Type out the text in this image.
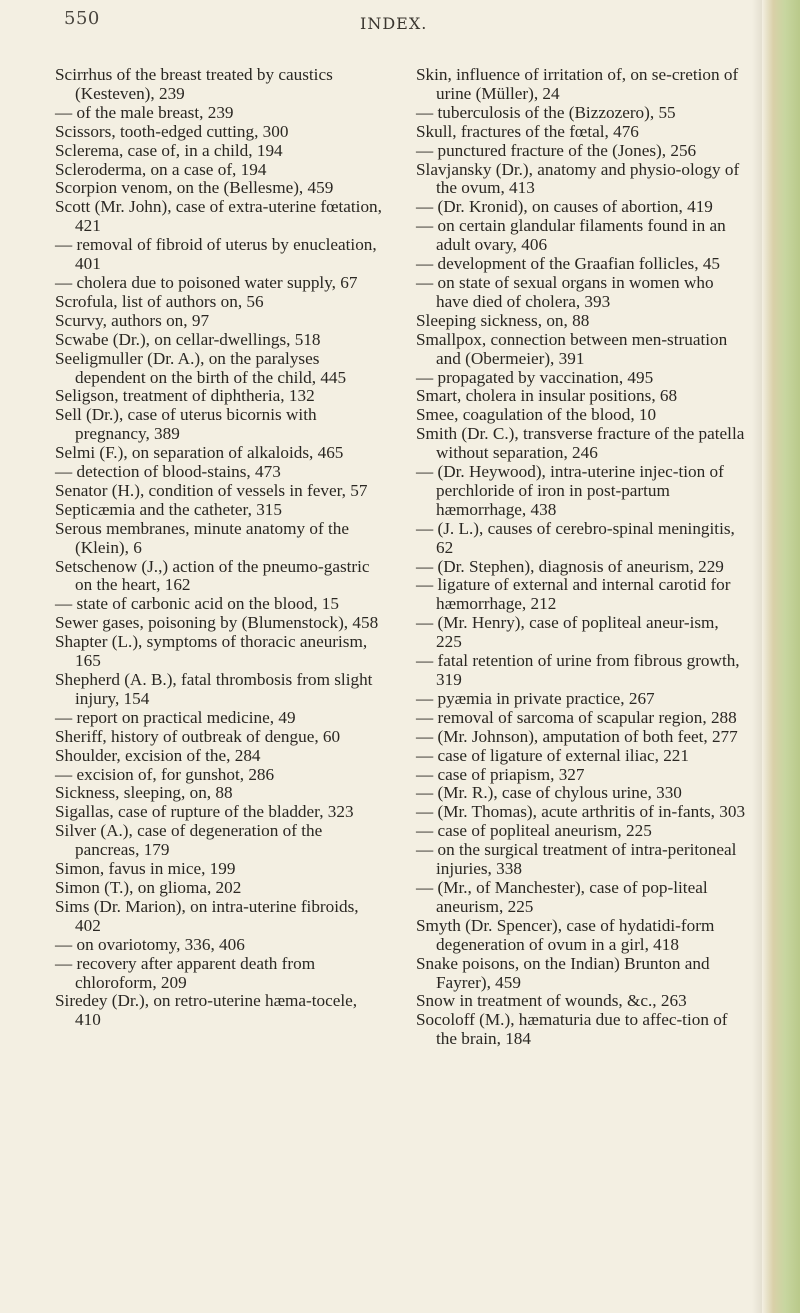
550	INDEX.

Scirrhus of the breast treated by caustics (Kesteven), 239

— of the male breast, 239

Scissors, tooth-edged cutting, 300

Sclerema, case of, in a child, 194

Scleroderma, on a case of, 194

Scorpion venom, on the (Bellesme), 459

Scott (Mr. John), case of extra-uterine fœtation, 421

— removal of fibroid of uterus by enucleation, 401

— cholera due to poisoned water supply, 67

Scrofula, list of authors on, 56

Scurvy, authors on, 97

Scwabe (Dr.), on cellar-dwellings, 518

Seeligmuller (Dr. A.), on the paralyses dependent on the birth of the child, 445

Seligson, treatment of diphtheria, 132

Sell (Dr.), case of uterus bicornis with pregnancy, 389

Selmi (F.), on separation of alkaloids, 465

— detection of blood-stains, 473

Senator (H.), condition of vessels in fever, 57

Septicæmia and the catheter, 315

Serous membranes, minute anatomy of the (Klein), 6

Setschenow (J.,) action of the pneumo-gastric on the heart, 162

— state of carbonic acid on the blood, 15

Sewer gases, poisoning by (Blumenstock), 458

Shapter (L.), symptoms of thoracic aneurism, 165

Shepherd (A. B.), fatal thrombosis from slight injury, 154

— report on practical medicine, 49

Sheriff, history of outbreak of dengue, 60

Shoulder, excision of the, 284

— excision of, for gunshot, 286

Sickness, sleeping, on, 88

Sigallas, case of rupture of the bladder, 323

Silver (A.), case of degeneration of the pancreas, 179

Simon, favus in mice, 199

Simon (T.), on glioma, 202

Sims (Dr. Marion), on intra-uterine fibroids, 402

— on ovariotomy, 336, 406

— recovery after apparent death from chloroform, 209

Siredey (Dr.), on retro-uterine hæma-tocele, 410

Skin, influence of irritation of, on se-cretion of urine (Müller), 24

— tuberculosis of the (Bizzozero), 55

Skull, fractures of the fœtal, 476

— punctured fracture of the (Jones), 256

Slavjansky (Dr.), anatomy and physio-ology of the ovum, 413

— (Dr. Kronid), on causes of abortion, 419

— on certain glandular filaments found in an adult ovary, 406

— development of the Graafian follicles, 45

— on state of sexual organs in women who have died of cholera, 393

Sleeping sickness, on, 88

Smallpox, connection between men-struation and (Obermeier), 391

— propagated by vaccination, 495

Smart, cholera in insular positions, 68

Smee, coagulation of the blood, 10

Smith (Dr. C.), transverse fracture of the patella without separation, 246

— (Dr. Heywood), intra-uterine injec-tion of perchloride of iron in post-partum hæmorrhage, 438

— (J. L.), causes of cerebro-spinal meningitis, 62

— (Dr. Stephen), diagnosis of aneurism, 229

— ligature of external and internal carotid for hæmorrhage, 212

— (Mr. Henry), case of popliteal aneur-ism, 225

— fatal retention of urine from fibrous growth, 319

— pyæmia in private practice, 267

— removal of sarcoma of scapular region, 288

— (Mr. Johnson), amputation of both feet, 277

— case of ligature of external iliac, 221

— case of priapism, 327

— (Mr. R.), case of chylous urine, 330

— (Mr. Thomas), acute arthritis of in-fants, 303

— case of popliteal aneurism, 225

— on the surgical treatment of intra-peritoneal injuries, 338

— (Mr., of Manchester), case of pop-liteal aneurism, 225

Smyth (Dr. Spencer), case of hydatidi-form degeneration of ovum in a girl, 418

Snake poisons, on the Indian) Brunton and Fayrer), 459

Snow in treatment of wounds, &c., 263

Socoloff (M.), hæmaturia due to affec-tion of the brain, 184
